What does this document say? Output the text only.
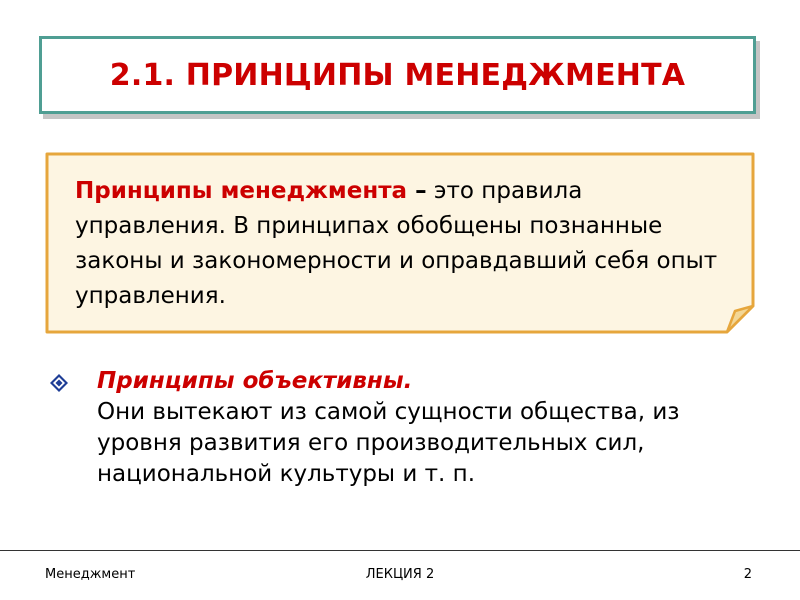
2.1. ПРИНЦИПЫ МЕНЕДЖМЕНТА
Принципы менеджмента – это правила управления. В принципах обобщены познанные законы и закономерности и оправдавший себя опыт управления.
Принципы объективны.
Они вытекают из самой сущности общества, из уровня развития его производительных сил, национальной культуры и т. п.
Менеджмент	ЛЕКЦИЯ 2	2
